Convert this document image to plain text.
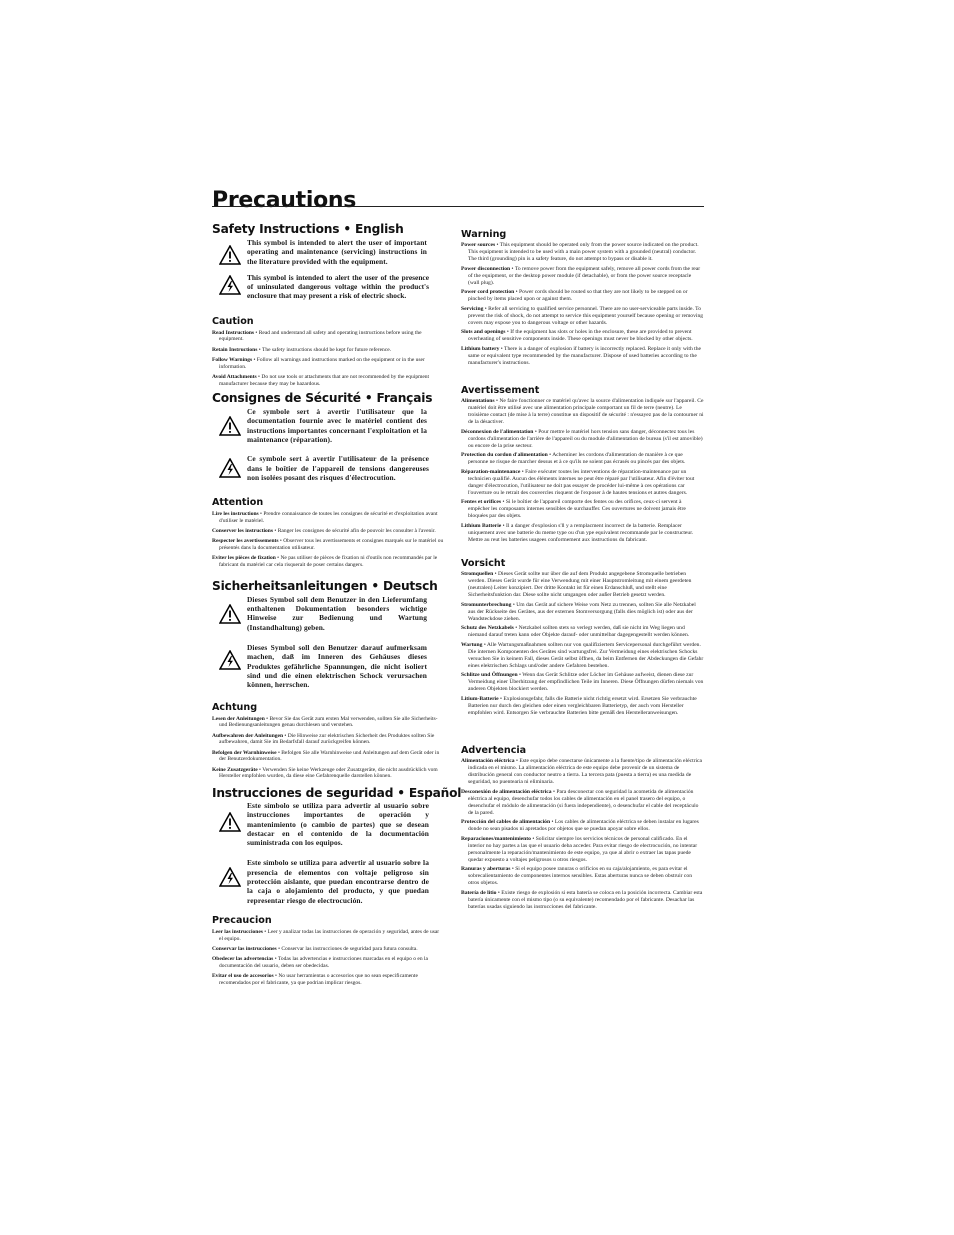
Precautions
Safety Instructions • English
This symbol is intended to alert the user of important operating and maintenance (servicing) instructions in the literature provided with the equipment.
This symbol is intended to alert the user of the presence of uninsulated dangerous voltage within the product's enclosure that may present a risk of electric shock.
Caution

Read Instructions • Read and understand all safety and operating instructions before using the equipment.

Retain Instructions • The safety instructions should be kept for future reference.

Follow Warnings • Follow all warnings and instructions marked on the equipment or in the user information.

Avoid Attachments • Do not use tools or attachments that are not recommended by the equipment manufacturer because they may be hazardous.

Consignes de Sécurité • Français
Ce symbole sert à avertir l'utilisateur que la documentation fournie avec le matériel contient des instructions importantes concernant l'exploitation et la maintenance (réparation).
Ce symbole sert à avertir l'utilisateur de la présence dans le boîtier de l'appareil de tensions dangereuses non isolées posant des risques d'électrocution.
Attention

Lire les instructions • Prendre connaissance de toutes les consignes de sécurité et d'exploitation avant d'utiliser le matériel.

Conserver les instructions • Ranger les consignes de sécurité afin de pouvoir les consulter à l'avenir.

Respecter les avertissements • Observer tous les avertissements et consignes marqués sur le matériel ou présentés dans la documentation utilisateur.

Eviter les pièces de fixation • Ne pas utiliser de pièces de fixation ni d'outils non recommandés par le fabricant du matériel car cela risquerait de poser certains dangers.

Sicherheitsanleitungen • Deutsch
Dieses Symbol soll dem Benutzer in den Lieferumfang enthaltenen Dokumentation besonders wichtige Hinweise zur Bedienung und Wartung (Instandhaltung) geben.
Dieses Symbol soll den Benutzer darauf aufmerksam machen, daß im Inneren des Gehäuses dieses Produktes gefährliche Spannungen, die nicht isoliert sind und die einen elektrischen Schock verursachen können, herrschen.
Achtung

Lesen der Anleitungen • Bevor Sie das Gerät zum ersten Mal verwenden, sollten Sie alle Sicherheits-und Bedienungsanleitungen genau durchlesen und verstehen.

Aufbewahren der Anleitungen • Die Hinweise zur elektrischen Sicherheit des Produktes sollten Sie aufbewahren, damit Sie im Bedarfsfall darauf zurückgreifen können.

Befolgen der Warnhinweise • Befolgen Sie alle Warnhinweise und Anleitungen auf dem Gerät oder in der Benutzerdokumentation.

Keine Zusatzgeräte • Verwenden Sie keine Werkzeuge oder Zusatzgeräte, die nicht ausdrücklich vom Hersteller empfohlen wurden, da diese eine Gefahrenquelle darstellen können.

Instrucciones de seguridad • Español
Este símbolo se utiliza para advertir al usuario sobre instrucciones importantes de operación y mantenimiento (o cambio de partes) que se desean destacar en el contenido de la documentación suministrada con los equipos.
Este símbolo se utiliza para advertir al usuario sobre la presencia de elementos con voltaje peligroso sin protección aislante, que puedan encontrarse dentro de la caja o alojamiento del producto, y que puedan representar riesgo de electrocución.
Precaucion

Leer las instrucciones • Leer y analizar todas las instrucciones de operación y seguridad, antes de usar el equipo.

Conservar las instrucciones • Conservar las instrucciones de seguridad para futura consulta.

Obedecer las advertencias • Todas las advertencias e instrucciones marcadas en el equipo o en la documentación del usuario, deben ser obedecidas.

Evitar el uso de accesorios • No usar herramientas o accesorios que no sean especificamente recomendados por el fabricante, ya que podrian implicar riesgos.

Warning

Power sources • This equipment should be operated only from the power source indicated on the product. This equipment is intended to be used with a main power system with a grounded (neutral) conductor. The third (grounding) pin is a safety feature, do not attempt to bypass or disable it.

Power disconnection • To remove power from the equipment safely, remove all power cords from the rear of the equipment, or the desktop power module (if detachable), or from the power source receptacle (wall plug).

Power cord protection • Power cords should be routed so that they are not likely to be stepped on or pinched by items placed upon or against them.

Servicing • Refer all servicing to qualified service personnel. There are no user-serviceable parts inside. To prevent the risk of shock, do not attempt to service this equipment yourself because opening or removing covers may expose you to dangerous voltage or other hazards.

Slots and openings • If the equipment has slots or holes in the enclosure, these are provided to prevent overheating of sensitive components inside. These openings must never be blocked by other objects.

Lithium battery • There is a danger of explosion if battery is incorrectly replaced. Replace it only with the same or equivalent type recommended by the manufacturer. Dispose of used batteries according to the manufacturer's instructions.

Avertissement

Alimentations • Ne faire fonctionner ce matériel qu'avec la source d'alimentation indiquée sur l'appareil. Ce matériel doit être utilisé avec une alimentation principale comportant un fil de terre (neutre). Le troisième contact (de mise à la terre) constitue un dispositif de sécurité : n'essayez pas de la contourner ni de la désactiver.

Déconnexion de l'alimentation • Pour mettre le matériel hors tension sans danger, déconnectez tous les cordons d'alimentation de l'arrière de l'appareil ou du module d'alimentation de bureau (s'il est amovible) ou encore de la prise secteur.

Protection du cordon d'alimentation • Acheminer les cordons d'alimentation de manière à ce que personne ne risque de marcher dessus et à ce qu'ils ne soient pas écrasés ou pincés par des objets.

Réparation-maintenance • Faire exécuter toutes les interventions de réparation-maintenance par un technicien qualifié. Aucun des éléments internes ne peut être réparé par l'utilisateur. Afin d'éviter tout danger d'électrocution, l'utilisateur ne doit pas essayer de procéder lui-même à ces opérations car l'ouverture ou le retrait des couvercles risquent de l'exposer à de hautes tensions et autres dangers.

Fentes et orifices • Si le boîtier de l'appareil comporte des fentes ou des orifices, ceux-ci servent à empêcher les composants internes sensibles de surchauffer. Ces ouvertures ne doivent jamais être bloquées par des objets.

Lithium Batterie • Il a danger d'explosion s'll y a remplacment incorrect de la batterie. Remplacer uniquement avec une batterie du meme type ou d'un ype equivalent recommande par le constructeur. Mettre au reut les batteries usagees conformement aux instructions du fabricant.

Vorsicht

Stromquellen • Dieses Gerät sollte nur über die auf dem Produkt angegebene Stromquelle betrieben werden. Dieses Gerät wurde für eine Verwendung mit einer Hauptstromleitung mit einem geerdeten (neutralen) Leiter konzipiert. Der dritte Kontakt ist für einen Erdanschluß, und stellt eine Sicherheitsfunktion dar. Diese sollte nicht umgangen oder außer Betrieb gesetzt werden.

Stromunterbrechung • Um das Gerät auf sichere Weise vom Netz zu trennen, sollten Sie alle Netzkabel aus der Rückseite des Gerätes, aus der externen Stomversorgung (falls dies möglich ist) oder aus der Wandsteckdose ziehen.

Schutz des Netzkabels • Netzkabel sollten stets so verlegt werden, daß sie nicht im Weg liegen und niemand darauf treten kann oder Objekte darauf- oder unmittelbar dagegengestellt werden können.

Wartung • Alle Wartungsmaßnahmen sollten nur von qualifiziertem Servicepersonal durchgeführt werden. Die internen Komponenten des Gerätes sind wartungsfrei. Zur Vermeidung eines elektrischen Schocks versuchen Sie in keinem Fall, dieses Gerät selbst öffnen, da beim Entfernen der Abdeckungen die Gefahr eines elektrischen Schlags und/oder andere Gefahren bestehen.

Schlitze und Öffnungen • Wenn das Gerät Schlitze oder Löcher im Gehäuse aufweist, dienen diese zur Vermeidung einer Überhitzung der empfindlichen Teile im Inneren. Diese Öffnungen dürfen niemals von anderen Objekten blockiert werden.

Litium-Batterie • Explosionsgefahr, falls die Batterie nicht richtig ersetzt wird. Ersetzen Sie verbrauchte Batterien nur durch den gleichen oder einen vergleichbaren Batterietyp, der auch vom Hersteller empfohlen wird. Entsorgen Sie verbrauchte Batterien bitte gemäß den Herstelleranweisungen.

Advertencia

Alimentación eléctrica • Este equipo debe conectarse únicamente a la fuente/tipo de alimentación eléctrica indicada en el mismo. La alimentación eléctrica de este equipo debe provenir de un sistema de distribución general con conductor neutro a tierra. La tercera pata (puesta a tierra) es una medida de seguridad, no puentearia ni eliminaria.

Desconexión de alimentación eléctrica • Para desconectar con seguridad la acometida de alimentación eléctrica al equipo, desenchufar todos los cables de alimentación en el panel trasero del equipo, o desenchufar el módulo de alimentación (si fuera independiente), o desenchufar el cable del receptáculo de la pared.

Protección del cables de alimentación • Los cables de alimentación eléctrica se deben instalar en lugares donde no sean pisados ni apretados por objetos que se puedan apoyar sobre ellos.

Reparaciones/mantenimiento • Solicitar siempre los servicios técnicos de personal calificado. En el interior no hay partes a las que el usuario deba acceder. Para evitar riesgo de electrocución, no intentar personalmente la reparación/mantenimiento de este equipo, ya que al abrir o extraer las tapas puede quedar expuesto a voltajes peligrosos u otros riesgos.

Ranuras y aberturas • Si el equipo posee ranuras o orificios en su caja/alojamiento, es para evitar el sobrecalientamiento de componentes internos sensibles. Estas aberturas nunca se deben obstruir con otros objetos.

Batería de litio • Existe riesgo de explosión si esta batería se coloca en la posición incorrecta. Cambiar esta batería únicamente con el mismo tipo (o su equivalente) recomendado por el fabricante. Desachar las baterías usadas siguiendo las instrucciones del fabricante.
